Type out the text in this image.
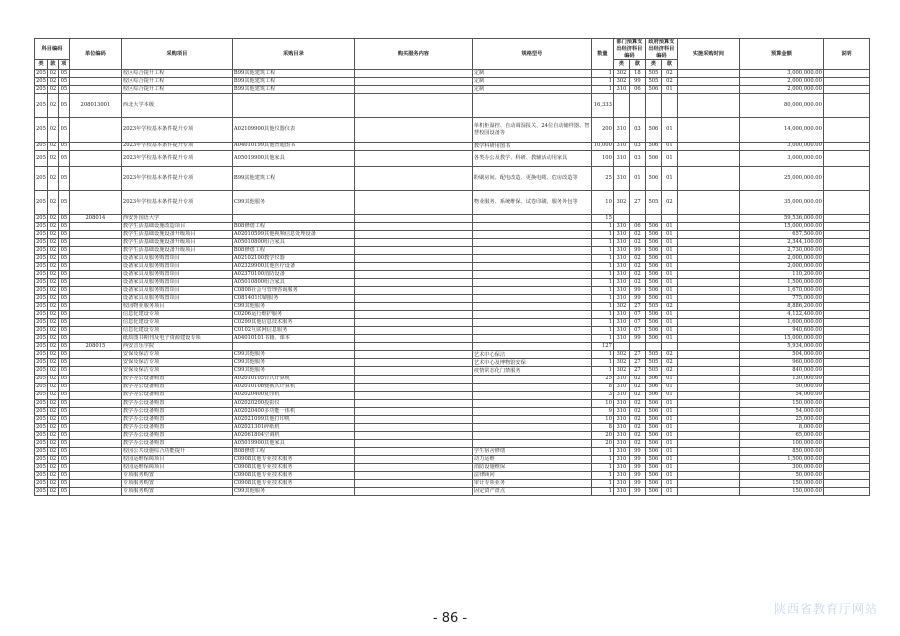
科目编码			单位编码	采购项目	采购目录	购买服务内容	规格型号	数量	部门预算支出经济科目编码		政府预算支出经济科目编码		实施采购时间	预算金额	说明
类	款	项							类	款	类	款			
205	02	05		校区综合提升工程	B99其他建筑工程		定制	1	302	18	505	02		3,000,000.00	
205	02	05		校区综合提升工程	B99其他建筑工程		定制	1	302	99	505	02		2,000,000.00	
205	02	05		校区综合提升工程	B99其他建筑工程		定制	1	310	06	506	01		2,000,000.00	
205	02	05	208013001	西北大学本级				16,333						80,000,000.00	
205	02	05		2023年学校基本条件提升专项	A02109900其他仪器仪表		单机柜温控、自动调湿报关、24位自动储样器、智慧校园设备等	200	310	03	506	01		14,000,000.00	
205	02	05		2023年学校基本条件提升专项	A04010199其他普通图书		教学科研用图书	10,000	310	03	506	01		3,000,000.00	
205	02	05		2023年学校基本条件提升专项	A05019900其他家具		各类办公及教学、科研、教辅活动用家具	100	310	03	506	01		3,000,000.00	
205	02	05		2023年学校基本条件提升专项	B99其他建筑工程		粉刷房间、配电改造、更换电缆、危房改造等	25	310	01	506	01		25,000,000.00	
205	02	05		2023年学校基本条件提升专项	C99其他服务		物业服务、系统维保、试卷印刷、服务外包等	10	302	27	505	02		35,000,000.00	
205	02	05	208014	西安外国语大学				15						59,536,000.00	
205	02	05		教学生活基础设施改造项目	B08修缮工程			1	310	06	506	01		15,000,000.00	
205	02	05		教学生活基础设施设备升级项目	A02010599其他视频信息处理设备			1	310	02	506	01		657,500.00	
205	02	05		教学生活基础设施设备升级项目	A05010800组合家具			1	310	02	506	01		2,344,100.00	
205	02	05		教学生活基础设施设备升级项目	B08修缮工程			1	310	99	506	01		2,730,000.00	
205	02	05		设备家具及服务购置项目	A02102100教学仪器			1	310	02	506	01		2,000,000.00	
205	02	05		设备家具及服务购置项目	A02329900其他医疗设备			1	310	02	506	01		2,000,000.00	
205	02	05		设备家具及服务购置项目	A02370100消防设备			1	310	02	506	01		110,200.00	
205	02	05		设备家具及服务购置项目	A05010800组合家具			1	310	02	506	01		1,500,000.00	
205	02	05		设备家具及服务购置项目	C0808社会与管理咨询服务			1	310	99	506	01		1,670,000.00	
205	02	05		设备家具及服务购置项目	C081401印刷服务			1	310	99	506	01		775,000.00	
205	02	05		校园物业服务项目	C99其他服务			1	302	27	505	02		8,886,200.00	
205	02	05		信息化建设专项	C0206运行维护服务			1	310	07	506	01		4,122,400.00	
205	02	05		信息化建设专项	C0299其他信息技术服务			1	310	07	506	01		1,600,000.00	
205	02	05		信息化建设专项	C0102互联网信息服务			1	310	07	506	01		940,600.00	
205	02	05		纸质图书期刊及电子资源建设专项	A04010101书籍、课本			1	310	99	506	01		15,000,000.00	
205	02	05	208015	西安音乐学院				127						5,934,000.00	
205	02	05		安保及保洁专项	C99其他服务		艺术中心保洁	1	302	27	505	02		504,000.00	
205	02	05		安保及保洁专项	C99其他服务		艺术中心及博物馆安保	1	302	27	505	02		960,000.00	
205	02	05		安保及保洁专项	C99其他服务		疫情常态化门禁服务	1	302	27	505	02		840,000.00	
205	02	05		教学办公设备购置	A02010105台式计算机			25	310	02	506	01		130,000.00	
205	02	05		教学办公设备购置	A02010108便携式计算机			8	310	02	506	01		50,000.00	
205	02	05		教学办公设备购置	A02020400复印机			3	310	02	506	01		54,000.00	
205	02	05		教学办公设备购置	A02020200投影仪			10	310	02	506	01		150,000.00	
205	02	05		教学办公设备购置	A02020400多功能一体机			9	310	02	506	01		54,000.00	
205	02	05		教学办公设备购置	A02021099其他打印机			10	310	02	506	01		25,000.00	
205	02	05		教学办公设备购置	A02021301碎纸机			8	310	02	506	01		8,000.00	
205	02	05		教学办公设备购置	A02061804空调机			20	310	02	506	01		65,000.00	
205	02	05		教学办公设备购置	A05019900其他家具			20	310	02	506	01		100,000.00	
205	02	05		校园公共设施综合功能提升	B08修缮工程		学生宿舍修缮	1	310	99	506	01		850,000.00	
205	02	05		校园运维保障项目	C0908其他专业技术服务		动力运维	1	310	99	506	01		1,500,000.00	
205	02	05		校园运维保障项目	C0908其他专业技术服务		消防设施维保	1	310	99	506	01		300,000.00	
205	02	05		专项服务购置	C0908其他专业技术服务		法律顾问	1	310	99	506	01		50,000.00	
205	02	05		专项服务购置	C0908其他专业技术服务		审计专项业务	1	310	99	506	01		150,000.00	
205	02	05		专项服务购置	C99其他服务		固定资产盘点	1	310	99	506	01		150,000.00	
- 86 -
陕西省教育厅网站
